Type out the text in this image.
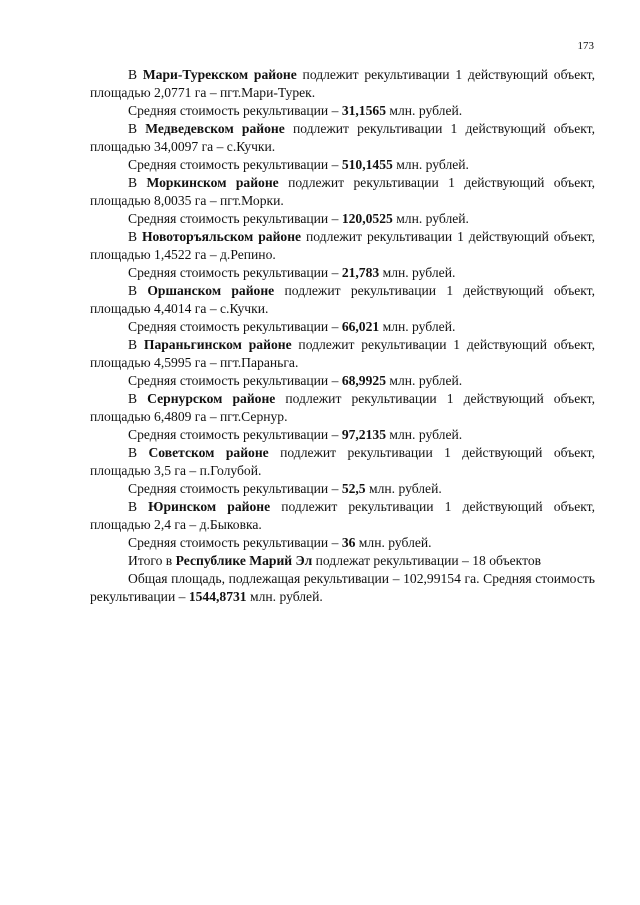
173

В Мари-Турекском районе подлежит рекультивации 1 действующий объект, площадью 2,0771 га – пгт.Мари-Турек.

Средняя стоимость рекультивации – 31,1565 млн. рублей.

В Медведевском районе подлежит рекультивации 1 действующий объект, площадью 34,0097 га – с.Кучки.

Средняя стоимость рекультивации – 510,1455 млн. рублей.

В Моркинском районе подлежит рекультивации 1 действующий объект, площадью 8,0035 га – пгт.Морки.

Средняя стоимость рекультивации – 120,0525 млн. рублей.

В Новоторъяльском районе подлежит рекультивации 1 действующий объект, площадью 1,4522 га – д.Репино.

Средняя стоимость рекультивации – 21,783 млн. рублей.

В Оршанском районе подлежит рекультивации 1 действующий объект, площадью 4,4014 га – с.Кучки.

Средняя стоимость рекультивации – 66,021 млн. рублей.

В Параньгинском районе подлежит рекультивации 1 действующий объект, площадью 4,5995 га – пгт.Параньга.

Средняя стоимость рекультивации – 68,9925 млн. рублей.

В Сернурском районе подлежит рекультивации 1 действующий объект, площадью 6,4809 га – пгт.Сернур.

Средняя стоимость рекультивации – 97,2135 млн. рублей.

В Советском районе подлежит рекультивации 1 действующий объект, площадью 3,5 га – п.Голубой.

Средняя стоимость рекультивации – 52,5 млн. рублей.

В Юринском районе подлежит рекультивации 1 действующий объект, площадью 2,4 га – д.Быковка.

Средняя стоимость рекультивации – 36 млн. рублей.

Итого в Республике Марий Эл подлежат рекультивации – 18 объектов

Общая площадь, подлежащая рекультивации – 102,99154 га. Средняя стоимость рекультивации – 1544,8731 млн. рублей.
